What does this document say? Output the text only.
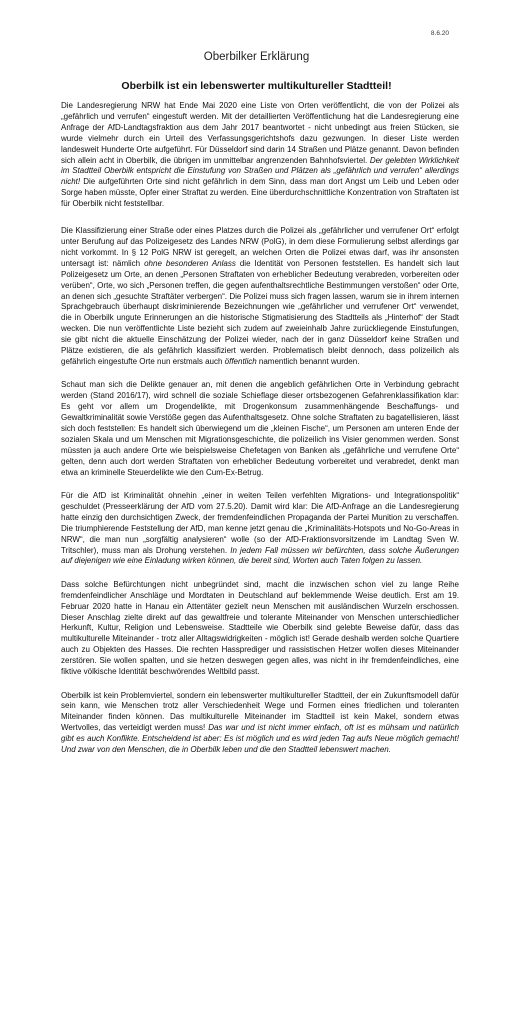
8.6.20
Oberbilker Erklärung
Oberbilk ist ein lebenswerter multikultureller Stadtteil!

Die Landesregierung NRW hat Ende Mai 2020 eine Liste von Orten veröffentlicht, die von der Polizei als „gefährlich und verrufen“ eingestuft werden. Mit der detaillierten Veröffentlichung hat die Landesregierung eine Anfrage der AfD-Landtagsfraktion aus dem Jahr 2017 beantwortet - nicht unbedingt aus freien Stücken, sie wurde vielmehr durch ein Urteil des Verfassungsgerichtshofs dazu gezwungen. In dieser Liste werden landesweit Hunderte Orte aufgeführt. Für Düsseldorf sind darin 14 Straßen und Plätze genannt. Davon befinden sich allein acht in Oberbilk, die übrigen im unmittelbar angrenzenden Bahnhofsviertel. Der gelebten Wirklichkeit im Stadtteil Oberbilk entspricht die Einstufung von Straßen und Plätzen als „gefährlich und verrufen“ allerdings nicht! Die aufgeführten Orte sind nicht gefährlich in dem Sinn, dass man dort Angst um Leib und Leben oder Sorge haben müsste, Opfer einer Straftat zu werden. Eine überdurchschnittliche Konzentration von Straftaten ist für Oberbilk nicht feststellbar.

Die Klassifizierung einer Straße oder eines Platzes durch die Polizei als „gefährlicher und verrufener Ort“ erfolgt unter Berufung auf das Polizeigesetz des Landes NRW (PolG), in dem diese Formulierung selbst allerdings gar nicht vorkommt. In § 12 PolG NRW ist geregelt, an welchen Orten die Polizei etwas darf, was ihr ansonsten untersagt ist: nämlich ohne besonderen Anlass die Identität von Personen feststellen. Es handelt sich laut Polizeigesetz um Orte, an denen „Personen Straftaten von erheblicher Bedeutung verabreden, vorbereiten oder verüben“, Orte, wo sich „Personen treffen, die gegen aufenthaltsrechtliche Bestimmungen verstoßen“ oder Orte, an denen sich „gesuchte Straftäter verbergen“. Die Polizei muss sich fragen lassen, warum sie in ihrem internen Sprachgebrauch überhaupt diskriminierende Bezeichnungen wie „gefährlicher und verrufener Ort“ verwendet, die in Oberbilk ungute Erinnerungen an die historische Stigmatisierung des Stadtteils als „Hinterhof“ der Stadt wecken. Die nun veröffentlichte Liste bezieht sich zudem auf zweieinhalb Jahre zurückliegende Einstufungen, sie gibt nicht die aktuelle Einschätzung der Polizei wieder, nach der in ganz Düsseldorf keine Straßen und Plätze existieren, die als gefährlich klassifiziert werden. Problematisch bleibt dennoch, dass polizeilich als gefährlich eingestufte Orte nun erstmals auch öffentlich namentlich benannt wurden.

Schaut man sich die Delikte genauer an, mit denen die angeblich gefährlichen Orte in Verbindung gebracht werden (Stand 2016/17), wird schnell die soziale Schieflage dieser ortsbezogenen Gefahrenklassifikation klar: Es geht vor allem um Drogendelikte, mit Drogenkonsum zusammenhängende Beschaffungs- und Gewaltkriminalität sowie Verstöße gegen das Aufenthaltsgesetz. Ohne solche Straftaten zu bagatellisieren, lässt sich doch feststellen: Es handelt sich überwiegend um die „kleinen Fische“, um Personen am unteren Ende der sozialen Skala und um Menschen mit Migrationsgeschichte, die polizeilich ins Visier genommen werden. Sonst müssten ja auch andere Orte wie beispielsweise Chefetagen von Banken als „gefährliche und verrufene Orte“ gelten, denn auch dort werden Straftaten von erheblicher Bedeutung vorbereitet und verabredet, denkt man etwa an kriminelle Steuerdelikte wie den Cum-Ex-Betrug.

Für die AfD ist Kriminalität ohnehin „einer in weiten Teilen verfehlten Migrations- und Integrationspolitik“ geschuldet (Presseerklärung der AfD vom 27.5.20). Damit wird klar: Die AfD-Anfrage an die Landesregierung hatte einzig den durchsichtigen Zweck, der fremdenfeindlichen Propaganda der Partei Munition zu verschaffen. Die triumphierende Feststellung der AfD, man kenne jetzt genau die „Kriminalitäts-Hotspots und No-Go-Areas in NRW“, die man nun „sorgfältig analysieren“ wolle (so der AfD-Fraktionsvorsitzende im Landtag Sven W. Tritschler), muss man als Drohung verstehen. In jedem Fall müssen wir befürchten, dass solche Äußerungen auf diejenigen wie eine Einladung wirken können, die bereit sind, Worten auch Taten folgen zu lassen.

Dass solche Befürchtungen nicht unbegründet sind, macht die inzwischen schon viel zu lange Reihe fremdenfeindlicher Anschläge und Mordtaten in Deutschland auf beklemmende Weise deutlich. Erst am 19. Februar 2020 hatte in Hanau ein Attentäter gezielt neun Menschen mit ausländischen Wurzeln erschossen. Dieser Anschlag zielte direkt auf das gewaltfreie und tolerante Miteinander von Menschen unterschiedlicher Herkunft, Kultur, Religion und Lebensweise. Stadtteile wie Oberbilk sind gelebte Beweise dafür, dass das multikulturelle Miteinander - trotz aller Alltagswidrigkeiten - möglich ist! Gerade deshalb werden solche Quartiere auch zu Objekten des Hasses. Die rechten Hassprediger und rassistischen Hetzer wollen dieses Miteinander zerstören. Sie wollen spalten, und sie hetzen deswegen gegen alles, was nicht in ihr fremdenfeindliches, eine fiktive völkische Identität beschwörendes Weltbild passt.

Oberbilk ist kein Problemviertel, sondern ein lebenswerter multikultureller Stadtteil, der ein Zukunftsmodell dafür sein kann, wie Menschen trotz aller Verschiedenheit Wege und Formen eines friedlichen und toleranten Miteinander finden können. Das multikulturelle Miteinander im Stadtteil ist kein Makel, sondern etwas Wertvolles, das verteidigt werden muss! Das war und ist nicht immer einfach, oft ist es mühsam und natürlich gibt es auch Konflikte. Entscheidend ist aber: Es ist möglich und es wird jeden Tag aufs Neue möglich gemacht! Und zwar von den Menschen, die in Oberbilk leben und die den Stadtteil lebenswert machen.
